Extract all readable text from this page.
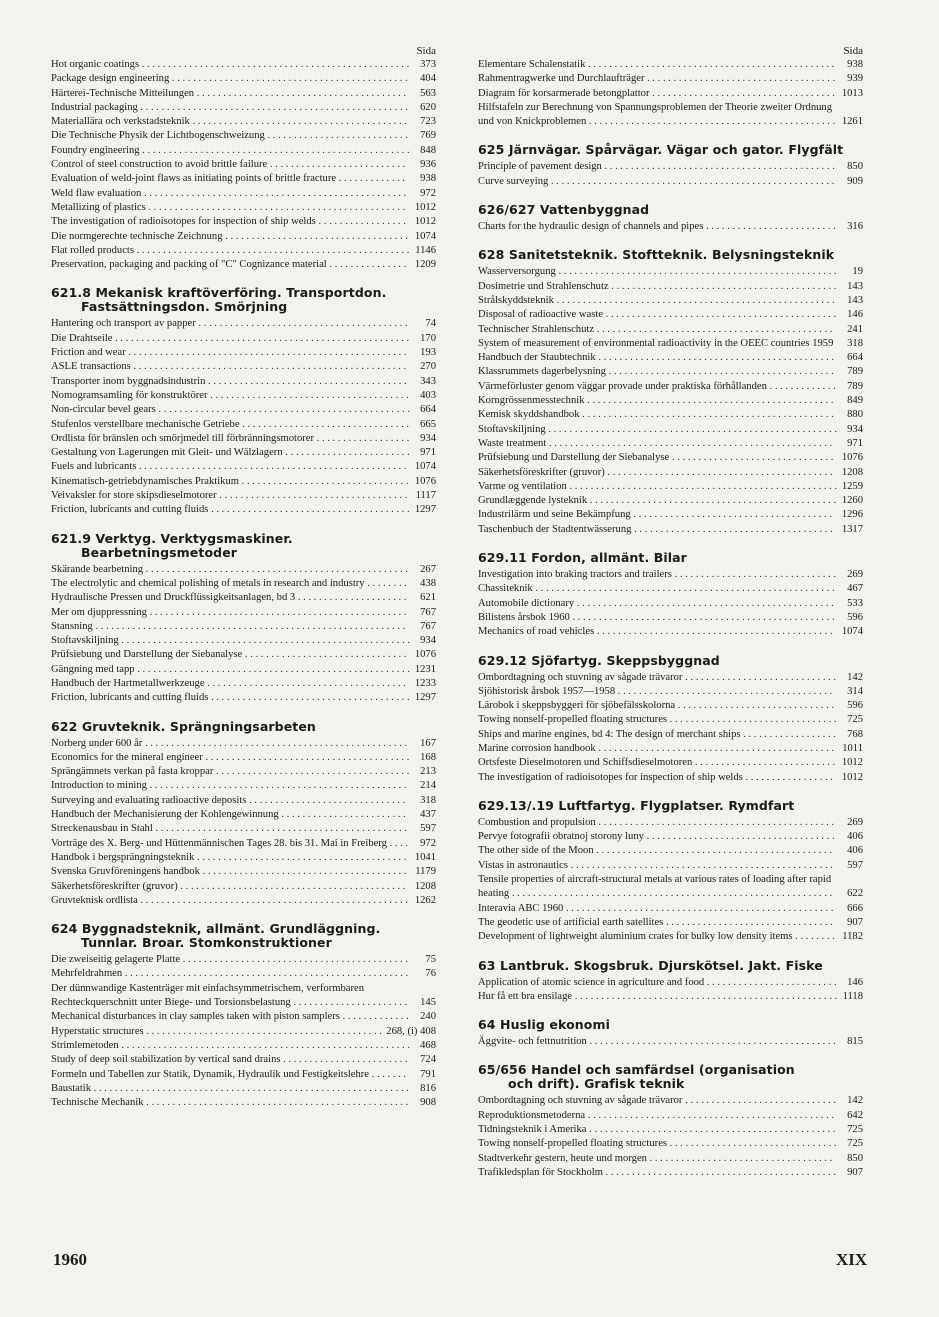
Sida
Hot organic coatings . . . . . . . . . . . . . . . . . . . . . . . . . . . . . . . . . . . . . . . . . . . . . . . . . . .	373
Package design engineering . . . . . . . . . . . . . . . . . . . . . . . . . . . . . . . . . . . . . . . . . . . . .	404
Härterei-Technische Mitteilungen . . . . . . . . . . . . . . . . . . . . . . . . . . . . . . . . . . . . . . . .	563
Industrial packaging . . . . . . . . . . . . . . . . . . . . . . . . . . . . . . . . . . . . . . . . . . . . . . . . . . .	620
Materiallära och verkstadsteknik . . . . . . . . . . . . . . . . . . . . . . . . . . . . . . . . . . . . . . . . .	723
Die Technische Physik der Lichtbogenschweizung . . . . . . . . . . . . . . . . . . . . . . . . . . .	769
Foundry engineering . . . . . . . . . . . . . . . . . . . . . . . . . . . . . . . . . . . . . . . . . . . . . . . . . . . 848
Control of steel construction to avoid brittle failure . . . . . . . . . . . . . . . . . . . . . . . . . .	936
Evaluation of weld-joint flaws as initiating points of brittle fracture . . . . . . . . . . . . .	938
Weld flaw evaluation . . . . . . . . . . . . . . . . . . . . . . . . . . . . . . . . . . . . . . . . . . . . . . . . . .	972
Metallizing of plastics . . . . . . . . . . . . . . . . . . . . . . . . . . . . . . . . . . . . . . . . . . . . . . . . . 1012
The investigation of radioisotopes for inspection of ship welds . . . . . . . . . . . . . . . . . 1012
Die normgerechte technische Zeichnung . . . . . . . . . . . . . . . . . . . . . . . . . . . . . . . . . . . 1074
Flat rolled products . . . . . . . . . . . . . . . . . . . . . . . . . . . . . . . . . . . . . . . . . . . . . . . . . . . . 1146
Preservation, packaging and packing of "C" Cognizance material . . . . . . . . . . . . . . . 1209
621.8 Mekanisk kraftöverföring. Transportdon.
Fastsättningsdon. Smörjning
Hantering och transport av papper . . . . . . . . . . . . . . . . . . . . . . . . . . . . . . . . . . . . . . . .	74
Die Drahtseile . . . . . . . . . . . . . . . . . . . . . . . . . . . . . . . . . . . . . . . . . . . . . . . . . . . . . . . .	170
Friction and wear . . . . . . . . . . . . . . . . . . . . . . . . . . . . . . . . . . . . . . . . . . . . . . . . . . . . .	193
ASLE transactions . . . . . . . . . . . . . . . . . . . . . . . . . . . . . . . . . . . . . . . . . . . . . . . . . . . .	270
Transporter inom byggnadsindustrin . . . . . . . . . . . . . . . . . . . . . . . . . . . . . . . . . . . . . .	343
Nomogramsamling för konstruktörer . . . . . . . . . . . . . . . . . . . . . . . . . . . . . . . . . . . . . .	403
Non-circular bevel gears . . . . . . . . . . . . . . . . . . . . . . . . . . . . . . . . . . . . . . . . . . . . . . . . 664
Stufenlos verstellbare mechanische Getriebe . . . . . . . . . . . . . . . . . . . . . . . . . . . . . . . .	665
Ordlista för bränslen och smörjmedel till förbränningsmotorer . . . . . . . . . . . . . . . . . .	934
Gestaltung von Lagerungen mit Gleit- und Wälzlagern . . . . . . . . . . . . . . . . . . . . . . . . 971
Fuels and lubricants . . . . . . . . . . . . . . . . . . . . . . . . . . . . . . . . . . . . . . . . . . . . . . . . . . . 1074
Kinematisch-getriebdynamisches Praktikum . . . . . . . . . . . . . . . . . . . . . . . . . . . . . . . . 1076
Veivaksler for store skipsdieselmotorer . . . . . . . . . . . . . . . . . . . . . . . . . . . . . . . . . . . . 1117
Friction, lubricants and cutting fluids . . . . . . . . . . . . . . . . . . . . . . . . . . . . . . . . . . . . . . 1297
621.9 Verktyg. Verktygsmaskiner.
Bearbetningsmetoder
Skärande bearbetning . . . . . . . . . . . . . . . . . . . . . . . . . . . . . . . . . . . . . . . . . . . . . . . . . .	267
The electrolytic and chemical polishing of metals in research and industry . . . . . . . .	438
Hydraulische Pressen und Druckflüssigkeitsanlagen, bd 3 . . . . . . . . . . . . . . . . . . . . .	621
Mer om djuppressning . . . . . . . . . . . . . . . . . . . . . . . . . . . . . . . . . . . . . . . . . . . . . . . . .	767
Stansning . . . . . . . . . . . . . . . . . . . . . . . . . . . . . . . . . . . . . . . . . . . . . . . . . . . . . . . . . . .	767
Stoftavskiljning . . . . . . . . . . . . . . . . . . . . . . . . . . . . . . . . . . . . . . . . . . . . . . . . . . . . . . . 934
Prüfsiebung und Darstellung der Siebanalyse . . . . . . . . . . . . . . . . . . . . . . . . . . . . . . . 1076
Gängning med tapp . . . . . . . . . . . . . . . . . . . . . . . . . . . . . . . . . . . . . . . . . . . . . . . . . . . . 1231
Handbuch der Hartmetallwerkzeuge . . . . . . . . . . . . . . . . . . . . . . . . . . . . . . . . . . . . . . 1233
Friction, lubricants and cutting fluids . . . . . . . . . . . . . . . . . . . . . . . . . . . . . . . . . . . . . . 1297
622 Gruvteknik. Sprängningsarbeten
Norberg under 600 år . . . . . . . . . . . . . . . . . . . . . . . . . . . . . . . . . . . . . . . . . . . . . . . . . .	167
Economics for the mineral engineer . . . . . . . . . . . . . . . . . . . . . . . . . . . . . . . . . . . . . . .	168
Sprängämnets verkan på fasta kroppar . . . . . . . . . . . . . . . . . . . . . . . . . . . . . . . . . . . . .	213
Introduction to mining . . . . . . . . . . . . . . . . . . . . . . . . . . . . . . . . . . . . . . . . . . . . . . . . .	214
Surveying and evaluating radioactive deposits . . . . . . . . . . . . . . . . . . . . . . . . . . . . . .	318
Handbuch der Mechanisierung der Kohlengewinnung . . . . . . . . . . . . . . . . . . . . . . . .	437
Streckenausbau in Stahl . . . . . . . . . . . . . . . . . . . . . . . . . . . . . . . . . . . . . . . . . . . . . . . .	597
Vorträge des X. Berg- und Hüttenmännischen Tages 28. bis 31. Mai in Freiberg . . . .	972
Handbok i bergsprängningsteknik . . . . . . . . . . . . . . . . . . . . . . . . . . . . . . . . . . . . . . . . 1041
Svenska Gruvföreningens handbok . . . . . . . . . . . . . . . . . . . . . . . . . . . . . . . . . . . . . . . 1179
Säkerhetsföreskrifter (gruvor) . . . . . . . . . . . . . . . . . . . . . . . . . . . . . . . . . . . . . . . . . . . 1208
Gruvteknisk ordlista . . . . . . . . . . . . . . . . . . . . . . . . . . . . . . . . . . . . . . . . . . . . . . . . . . . 1262
624 Byggnadsteknik, allmänt. Grundläggning.
Tunnlar. Broar. Stomkonstruktioner
Die zweiseitig gelagerte Platte . . . . . . . . . . . . . . . . . . . . . . . . . . . . . . . . . . . . . . . . . . .	75
Mehrfeldrahmen . . . . . . . . . . . . . . . . . . . . . . . . . . . . . . . . . . . . . . . . . . . . . . . . . . . . . .	76
Der dünnwandige Kastenträger mit einfachsymmetrischem, verformbaren Rechteckquerschnitt unter Biege- und Torsionsbelastung . . . . . . . . . . . . . . . . . . . . . .	145
Mechanical disturbances in clay samples taken with piston samplers . . . . . . . . . . . . .	240
Hyperstatic structures . . . . . . . . . . . . . . . . . . . . . . . . . . . . . . . . . . . . . . . . . . . . . 268, (i) 408
Strimlemetoden . . . . . . . . . . . . . . . . . . . . . . . . . . . . . . . . . . . . . . . . . . . . . . . . . . . . . . . 468
Study of deep soil stabilization by vertical sand drains . . . . . . . . . . . . . . . . . . . . . . . .	724
Formeln und Tabellen zur Statik, Dynamik, Hydraulik und Festigkeitslehre . . . . . . .	791
Baustatik . . . . . . . . . . . . . . . . . . . . . . . . . . . . . . . . . . . . . . . . . . . . . . . . . . . . . . . . . . . .	816
Technische Mechanik . . . . . . . . . . . . . . . . . . . . . . . . . . . . . . . . . . . . . . . . . . . . . . . . . .	908
Sida
Elementare Schalenstatik . . . . . . . . . . . . . . . . . . . . . . . . . . . . . . . . . . . . . . . . . . . . . . .	938
Rahmentragwerke und Durchlaufträger . . . . . . . . . . . . . . . . . . . . . . . . . . . . . . . . . . . .	939
Diagram för korsarmerade betongplattor . . . . . . . . . . . . . . . . . . . . . . . . . . . . . . . . . . . 1013
Hilfstafeln zur Berechnung von Spannungsproblemen der Theorie zweiter Ordnung und von Knickproblemen . . . . . . . . . . . . . . . . . . . . . . . . . . . . . . . . . . . . . . . . . . . . . . . 1261
625 Järnvägar. Spårvägar. Vägar och gator. Flygfält
Principle of pavement design . . . . . . . . . . . . . . . . . . . . . . . . . . . . . . . . . . . . . . . . . . . .	850
Curve surveying . . . . . . . . . . . . . . . . . . . . . . . . . . . . . . . . . . . . . . . . . . . . . . . . . . . . . .	909
626/627 Vattenbyggnad
Charts for the hydraulic design of channels and pipes . . . . . . . . . . . . . . . . . . . . . . . . .	316
628 Sanitetsteknik. Stoftteknik. Belysningsteknik
Wasserversorgung . . . . . . . . . . . . . . . . . . . . . . . . . . . . . . . . . . . . . . . . . . . . . . . . . . . . .	19
Dosimetrie und Strahlenschutz . . . . . . . . . . . . . . . . . . . . . . . . . . . . . . . . . . . . . . . . . . .	143
Strålskyddsteknik . . . . . . . . . . . . . . . . . . . . . . . . . . . . . . . . . . . . . . . . . . . . . . . . . . . . .	143
Disposal of radioactive waste . . . . . . . . . . . . . . . . . . . . . . . . . . . . . . . . . . . . . . . . . . . .	146
Technischer Strahlenschutz . . . . . . . . . . . . . . . . . . . . . . . . . . . . . . . . . . . . . . . . . . . . .	241
System of measurement of environmental radioactivity in the OEEC countries 1959	318
Handbuch der Staubtechnik . . . . . . . . . . . . . . . . . . . . . . . . . . . . . . . . . . . . . . . . . . . . .	664
Klassrummets dagerbelysning . . . . . . . . . . . . . . . . . . . . . . . . . . . . . . . . . . . . . . . . . . .	789
Värmeförluster genom väggar provade under praktiska förhållanden . . . . . . . . . . . . .	789
Korngrössenmesstechnik . . . . . . . . . . . . . . . . . . . . . . . . . . . . . . . . . . . . . . . . . . . . . . .	849
Kemisk skyddshandbok . . . . . . . . . . . . . . . . . . . . . . . . . . . . . . . . . . . . . . . . . . . . . . . .	880
Stoftavskiljning . . . . . . . . . . . . . . . . . . . . . . . . . . . . . . . . . . . . . . . . . . . . . . . . . . . . . . . 934
Waste treatment . . . . . . . . . . . . . . . . . . . . . . . . . . . . . . . . . . . . . . . . . . . . . . . . . . . . . .	971
Prüfsiebung und Darstellung der Siebanalyse . . . . . . . . . . . . . . . . . . . . . . . . . . . . . . . 1076
Säkerhetsföreskrifter (gruvor) . . . . . . . . . . . . . . . . . . . . . . . . . . . . . . . . . . . . . . . . . . . 1208
Varme og ventilation . . . . . . . . . . . . . . . . . . . . . . . . . . . . . . . . . . . . . . . . . . . . . . . . . . . 1259
Grundlæggende lysteknik . . . . . . . . . . . . . . . . . . . . . . . . . . . . . . . . . . . . . . . . . . . . . . . 1260
Industrilärm und seine Bekämpfung . . . . . . . . . . . . . . . . . . . . . . . . . . . . . . . . . . . . . . 1296
Taschenbuch der Stadtentwässerung . . . . . . . . . . . . . . . . . . . . . . . . . . . . . . . . . . . . . . 1317
629.11 Fordon, allmänt. Bilar
Investigation into braking tractors and trailers . . . . . . . . . . . . . . . . . . . . . . . . . . . . . . .	269
Chassiteknik . . . . . . . . . . . . . . . . . . . . . . . . . . . . . . . . . . . . . . . . . . . . . . . . . . . . . . . . .	467
Automobile dictionary . . . . . . . . . . . . . . . . . . . . . . . . . . . . . . . . . . . . . . . . . . . . . . . . .	533
Bilistens årsbok 1960 . . . . . . . . . . . . . . . . . . . . . . . . . . . . . . . . . . . . . . . . . . . . . . . . . .	596
Mechanics of road vehicles . . . . . . . . . . . . . . . . . . . . . . . . . . . . . . . . . . . . . . . . . . . . . 1074
629.12 Sjöfartyg. Skeppsbyggnad
Ombordtagning och stuvning av sågade trävaror . . . . . . . . . . . . . . . . . . . . . . . . . . . . .	142
Sjöhistorisk årsbok 1957—1958 . . . . . . . . . . . . . . . . . . . . . . . . . . . . . . . . . . . . . . . . .	314
Lärobok i skeppsbyggeri för sjöbefälsskolorna . . . . . . . . . . . . . . . . . . . . . . . . . . . . . .	596
Towing nonself-propelled floating structures . . . . . . . . . . . . . . . . . . . . . . . . . . . . . . . . 725
Ships and marine engines, bd 4: The design of merchant ships . . . . . . . . . . . . . . . . . .	768
Marine corrosion handbook . . . . . . . . . . . . . . . . . . . . . . . . . . . . . . . . . . . . . . . . . . . . . 1011
Ortsfeste Dieselmotoren und Schiffsdieselmotoren . . . . . . . . . . . . . . . . . . . . . . . . . . . 1012
The investigation of radioisotopes for inspection of ship welds . . . . . . . . . . . . . . . . . 1012
629.13/.19 Luftfartyg. Flygplatser. Rymdfart
Combustion and propulsion . . . . . . . . . . . . . . . . . . . . . . . . . . . . . . . . . . . . . . . . . . . . .	269
Pervye fotografii obratnoj storony luny . . . . . . . . . . . . . . . . . . . . . . . . . . . . . . . . . . . .	406
The other side of the Moon . . . . . . . . . . . . . . . . . . . . . . . . . . . . . . . . . . . . . . . . . . . . .	406
Vistas in astronautics . . . . . . . . . . . . . . . . . . . . . . . . . . . . . . . . . . . . . . . . . . . . . . . . . .	597
Tensile properties of aircraft-structural metals at various rates of loading after rapid heating . . . . . . . . . . . . . . . . . . . . . . . . . . . . . . . . . . . . . . . . . . . . . . . . . . . . . . . . . . . . .	622
Interavia ABC 1960 . . . . . . . . . . . . . . . . . . . . . . . . . . . . . . . . . . . . . . . . . . . . . . . . . . .	666
The geodetic use of artificial earth satellites . . . . . . . . . . . . . . . . . . . . . . . . . . . . . . . .	907
Development of lightweight aluminium crates for bulky low density items . . . . . . . . 1182
63 Lantbruk. Skogsbruk. Djurskötsel. Jakt. Fiske
Application of atomic science in agriculture and food . . . . . . . . . . . . . . . . . . . . . . . . . 146
Hur få ett bra ensilage . . . . . . . . . . . . . . . . . . . . . . . . . . . . . . . . . . . . . . . . . . . . . . . . . . 1118
64 Huslig ekonomi
Äggvite- och fettnutrition . . . . . . . . . . . . . . . . . . . . . . . . . . . . . . . . . . . . . . . . . . . . . . .	815
65/656 Handel och samfärdsel (organisation
och drift). Grafisk teknik
Ombordtagning och stuvning av sågade trävaror . . . . . . . . . . . . . . . . . . . . . . . . . . . . .	142
Reproduktionsmetoderna . . . . . . . . . . . . . . . . . . . . . . . . . . . . . . . . . . . . . . . . . . . . . . .	642
Tidningsteknik i Amerika . . . . . . . . . . . . . . . . . . . . . . . . . . . . . . . . . . . . . . . . . . . . . . .	725
Towing nonself-propelled floating structures . . . . . . . . . . . . . . . . . . . . . . . . . . . . . . . . 725
Stadtverkehr gestern, heute und morgen . . . . . . . . . . . . . . . . . . . . . . . . . . . . . . . . . . .	850
Trafikledsplan för Stockholm . . . . . . . . . . . . . . . . . . . . . . . . . . . . . . . . . . . . . . . . . . . .	907
1960	XIX
